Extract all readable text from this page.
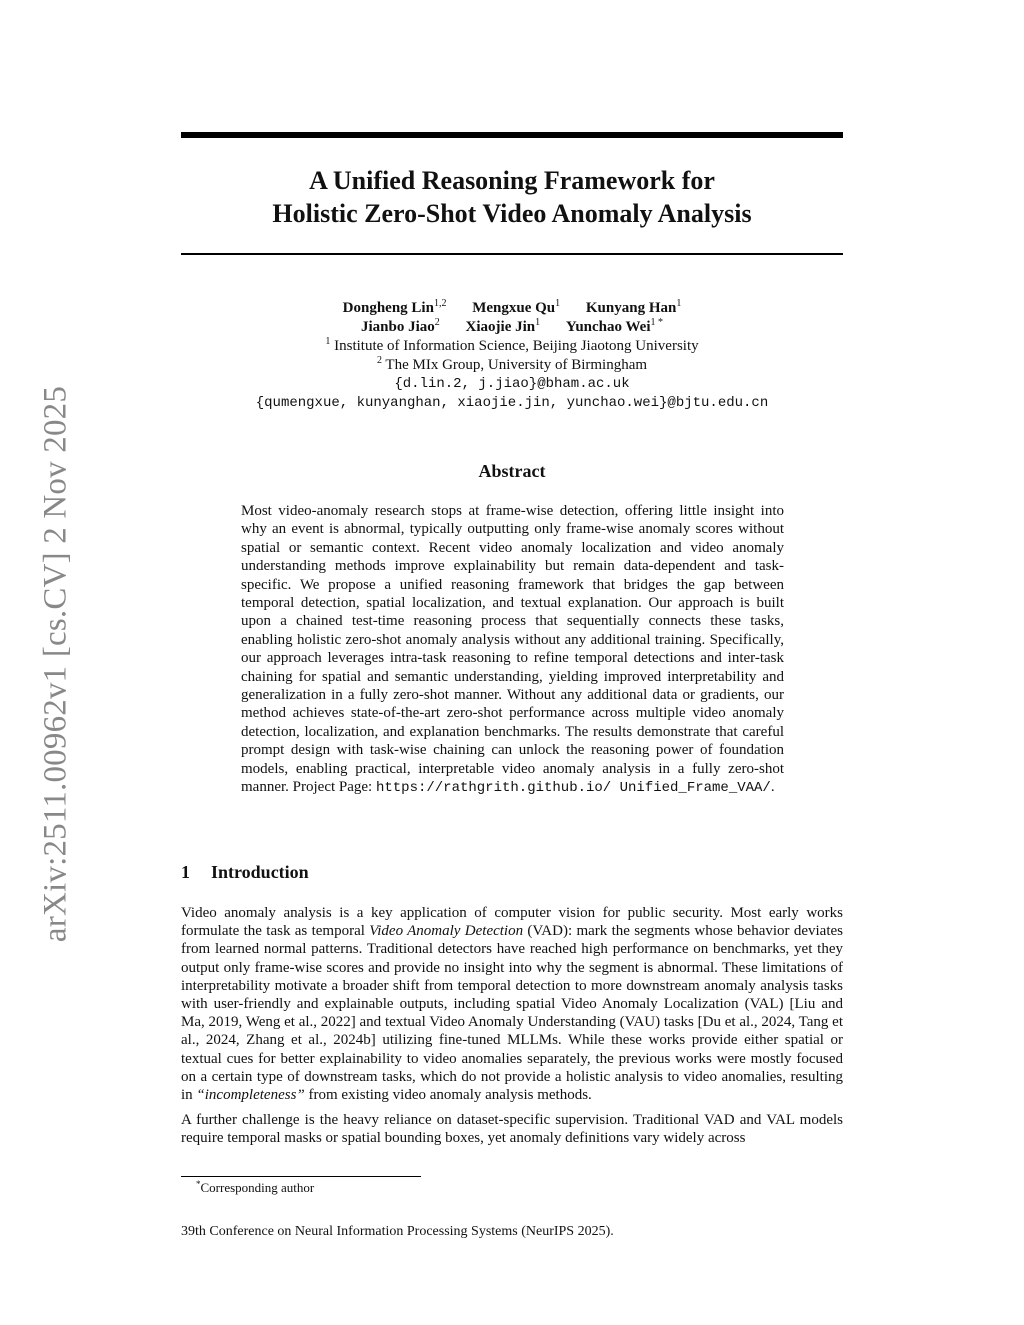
arXiv:2511.00962v1 [cs.CV] 2 Nov 2025
A Unified Reasoning Framework for
Holistic Zero-Shot Video Anomaly Analysis
Dongheng Lin$^{1,2}$ Mengxue Qu$^1$ Kunyang Han$^1$
Jianbo Jiao$^2$ Xiaojie Jin$^1$ Yunchao Wei$^{1 *}$
$^1$ Institute of Information Science, Beijing Jiaotong University
$^2$ The MIx Group, University of Birmingham
{d.lin.2, j.jiao}@bham.ac.uk
{qumengxue, kunyanghan, xiaojie.jin, yunchao.wei}@bjtu.edu.cn
Abstract
Most video-anomaly research stops at frame-wise detection, offering little insight into why an event is abnormal, typically outputting only frame-wise anomaly scores without spatial or semantic context. Recent video anomaly localization and video anomaly understanding methods improve explainability but remain data-dependent and task-specific. We propose a unified reasoning framework that bridges the gap between temporal detection, spatial localization, and textual explanation. Our approach is built upon a chained test-time reasoning process that sequentially connects these tasks, enabling holistic zero-shot anomaly analysis without any additional training. Specifically, our approach leverages intra-task reasoning to refine temporal detections and inter-task chaining for spatial and semantic understanding, yielding improved interpretability and generalization in a fully zero-shot manner. Without any additional data or gradients, our method achieves state-of-the-art zero-shot performance across multiple video anomaly detection, localization, and explanation benchmarks. The results demonstrate that careful prompt design with task-wise chaining can unlock the reasoning power of foundation models, enabling practical, interpretable video anomaly analysis in a fully zero-shot manner. Project Page: https://rathgrith.github.io/ Unified_Frame_VAA/.
1 Introduction

Video anomaly analysis is a key application of computer vision for public security. Most early works formulate the task as temporal Video Anomaly Detection (VAD): mark the segments whose behavior deviates from learned normal patterns. Traditional detectors have reached high performance on benchmarks, yet they output only frame-wise scores and provide no insight into why the segment is abnormal. These limitations of interpretability motivate a broader shift from temporal detection to more downstream anomaly analysis tasks with user-friendly and explainable outputs, including spatial Video Anomaly Localization (VAL) [Liu and Ma, 2019, Weng et al., 2022] and textual Video Anomaly Understanding (VAU) tasks [Du et al., 2024, Tang et al., 2024, Zhang et al., 2024b] utilizing fine-tuned MLLMs. While these works provide either spatial or textual cues for better explainability to video anomalies separately, the previous works were mostly focused on a certain type of downstream tasks, which do not provide a holistic analysis to video anomalies, resulting in “incompleteness” from existing video anomaly analysis methods.

A further challenge is the heavy reliance on dataset-specific supervision. Traditional VAD and VAL models require temporal masks or spatial bounding boxes, yet anomaly definitions vary widely across

*Corresponding author
39th Conference on Neural Information Processing Systems (NeurIPS 2025).
